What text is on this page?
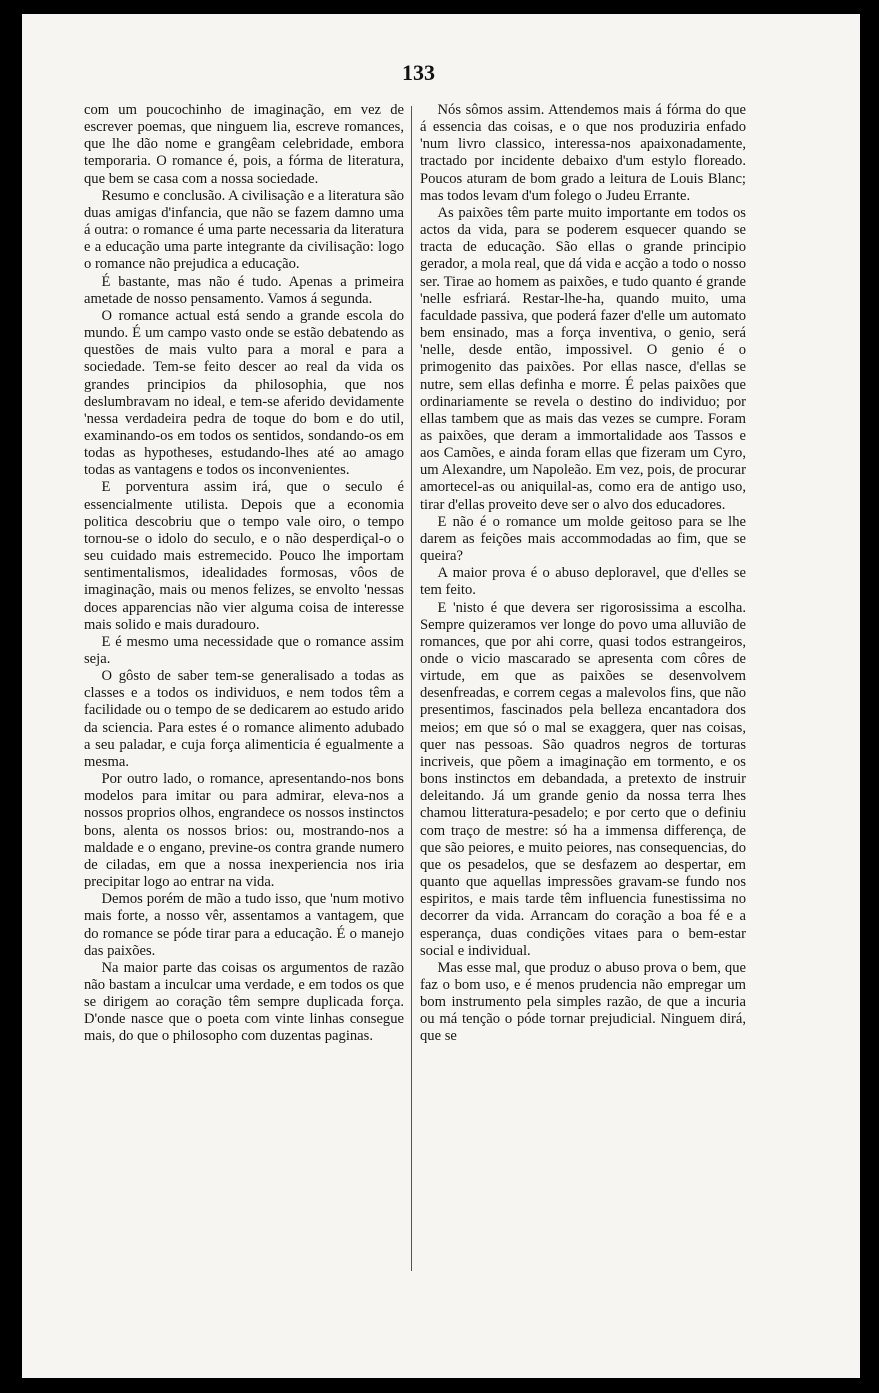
133

com um poucochinho de imaginação, em vez de escrever poemas, que ninguem lia, escreve romances, que lhe dão nome e grangêam celebridade, embora temporaria. O romance é, pois, a fórma de literatura, que bem se casa com a nossa sociedade.

Resumo e conclusão. A civilisação e a literatura são duas amigas d'infancia, que não se fazem damno uma á outra: o romance é uma parte necessaria da literatura e a educação uma parte integrante da civilisação: logo o romance não prejudica a educação.

É bastante, mas não é tudo. Apenas a primeira ametade de nosso pensamento. Vamos á segunda.

O romance actual está sendo a grande escola do mundo. É um campo vasto onde se estão debatendo as questões de mais vulto para a moral e para a sociedade. Tem-se feito descer ao real da vida os grandes principios da philosophia, que nos deslumbravam no ideal, e tem-se aferido devidamente 'nessa verdadeira pedra de toque do bom e do util, examinando-os em todos os sentidos, sondando-os em todas as hypotheses, estudando-lhes até ao amago todas as vantagens e todos os inconvenientes.

E porventura assim irá, que o seculo é essencialmente utilista. Depois que a economia politica descobriu que o tempo vale oiro, o tempo tornou-se o idolo do seculo, e o não desperdiçal-o o seu cuidado mais estremecido. Pouco lhe importam sentimentalismos, idealidades formosas, vôos de imaginação, mais ou menos felizes, se envolto 'nessas doces apparencias não vier alguma coisa de interesse mais solido e mais duradouro.

E é mesmo uma necessidade que o romance assim seja.

O gôsto de saber tem-se generalisado a todas as classes e a todos os individuos, e nem todos têm a facilidade ou o tempo de se dedicarem ao estudo arido da sciencia. Para estes é o romance alimento adubado a seu paladar, e cuja força alimenticia é egualmente a mesma.

Por outro lado, o romance, apresentando-nos bons modelos para imitar ou para admirar, eleva-nos a nossos proprios olhos, engrandece os nossos instinctos bons, alenta os nossos brios: ou, mostrando-nos a maldade e o engano, previne-os contra grande numero de ciladas, em que a nossa inexperiencia nos iria precipitar logo ao entrar na vida.

Demos porém de mão a tudo isso, que 'num motivo mais forte, a nosso vêr, assentamos a vantagem, que do romance se póde tirar para a educação. É o manejo das paixões.

Na maior parte das coisas os argumentos de razão não bastam a inculcar uma verdade, e em todos os que se dirigem ao coração têm sempre duplicada força. D'onde nasce que o poeta com vinte linhas consegue mais, do que o philosopho com duzentas paginas.

Nós sômos assim. Attendemos mais á fórma do que á essencia das coisas, e o que nos produziria enfado 'num livro classico, interessa-nos apaixonadamente, tractado por incidente debaixo d'um estylo floreado. Poucos aturam de bom grado a leitura de Louis Blanc; mas todos levam d'um folego o Judeu Errante.

As paixões têm parte muito importante em todos os actos da vida, para se poderem esquecer quando se tracta de educação. São ellas o grande principio gerador, a mola real, que dá vida e acção a todo o nosso ser. Tirae ao homem as paixões, e tudo quanto é grande 'nelle esfriará. Restar-lhe-ha, quando muito, uma faculdade passiva, que poderá fazer d'elle um automato bem ensinado, mas a força inventiva, o genio, será 'nelle, desde então, impossivel. O genio é o primogenito das paixões. Por ellas nasce, d'ellas se nutre, sem ellas definha e morre. É pelas paixões que ordinariamente se revela o destino do individuo; por ellas tambem que as mais das vezes se cumpre. Foram as paixões, que deram a immortalidade aos Tassos e aos Camões, e ainda foram ellas que fizeram um Cyro, um Alexandre, um Napoleão. Em vez, pois, de procurar amortecel-as ou aniquilal-as, como era de antigo uso, tirar d'ellas proveito deve ser o alvo dos educadores.

E não é o romance um molde geitoso para se lhe darem as feições mais accommodadas ao fim, que se queira?

A maior prova é o abuso deploravel, que d'elles se tem feito.

E 'nisto é que devera ser rigorosissima a escolha. Sempre quizeramos ver longe do povo uma alluvião de romances, que por ahi corre, quasi todos estrangeiros, onde o vicio mascarado se apresenta com côres de virtude, em que as paixões se desenvolvem desenfreadas, e correm cegas a malevolos fins, que não presentimos, fascinados pela belleza encantadora dos meios; em que só o mal se exaggera, quer nas coisas, quer nas pessoas. São quadros negros de torturas incriveis, que põem a imaginação em tormento, e os bons instinctos em debandada, a pretexto de instruir deleitando. Já um grande genio da nossa terra lhes chamou litteratura-pesadelo; e por certo que o definiu com traço de mestre: só ha a immensa differença, de que são peiores, e muito peiores, nas consequencias, do que os pesadelos, que se desfazem ao despertar, em quanto que aquellas impressões gravam-se fundo nos espiritos, e mais tarde têm influencia funestissima no decorrer da vida. Arrancam do coração a boa fé e a esperança, duas condições vitaes para o bem-estar social e individual.

Mas esse mal, que produz o abuso prova o bem, que faz o bom uso, e é menos prudencia não empregar um bom instrumento pela simples razão, de que a incuria ou má tenção o póde tornar prejudicial. Ninguem dirá, que se
